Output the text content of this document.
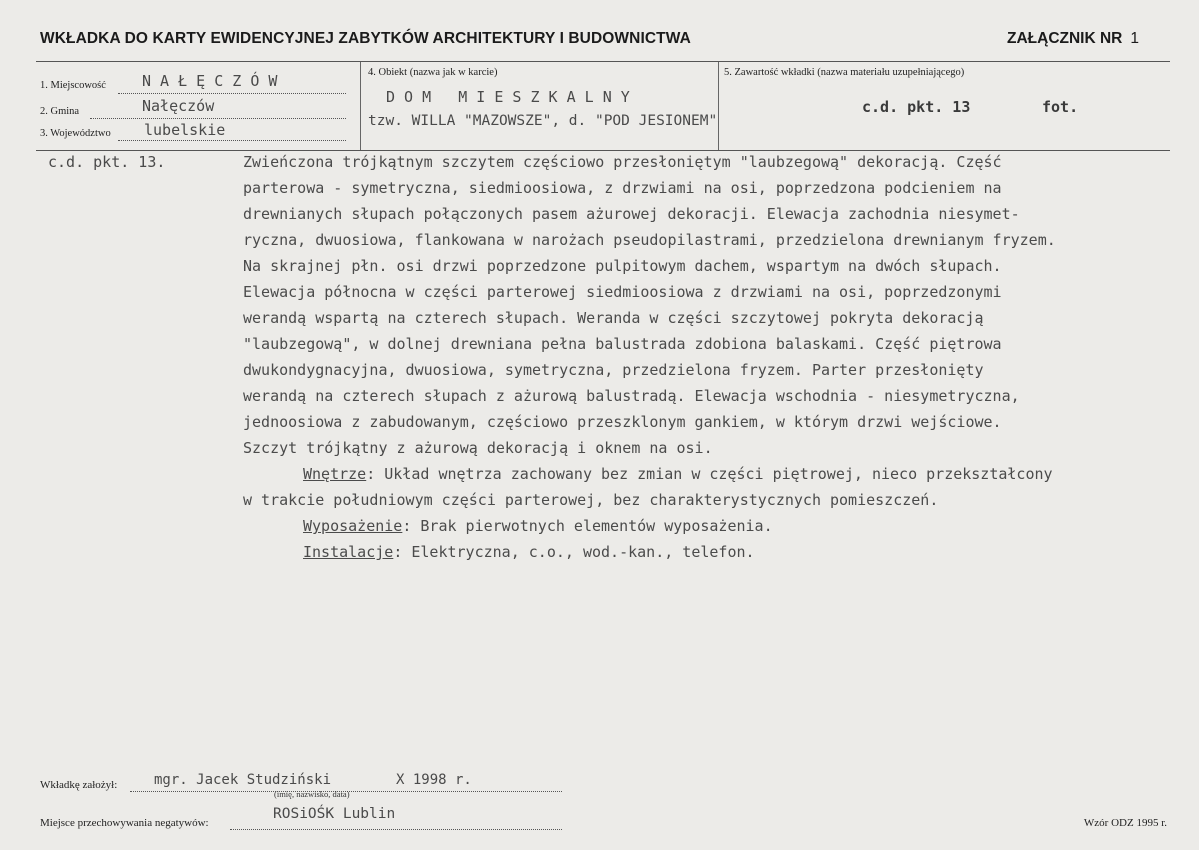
WKŁADKA DO KARTY EWIDENCYJNEJ ZABYTKÓW ARCHITEKTURY I BUDOWNICTWA	ZAŁĄCZNIK NR 1
1. Miejscowość N A Ł Ę C Z Ó W
2. Gmina	Nałęczów
3. Województwo lubelskie
4. Obiekt (nazwa jak w karcie)
D O M   M I E S Z K A L N Y
tzw. WILLA "MAZOWSZE", d. "POD JESIONEM"
5. Zawartość wkładki (nazwa materiału uzupełniającego)
c.d. pkt. 13	fot.
c.d. pkt. 13.	Zwieńczona trójkątnym szczytem częściowo przesłoniętym "laubzegową" dekoracją. Część
parterowa - symetryczna, siedmioosiowa, z drzwiami na osi, poprzedzona podcieniem na
drewnianych słupach połączonych pasem ażurowej dekoracji. Elewacja zachodnia niesymet-
ryczna, dwuosiowa, flankowana w narożach pseudopilastrami, przedzielona drewnianym fryzem.
Na skrajnej płn. osi drzwi poprzedzone pulpitowym dachem, wspartym na dwóch słupach.
Elewacja północna w części parterowej siedmioosiowa z drzwiami na osi, poprzedzonymi
werandą wspartą na czterech słupach. Weranda w części szczytowej pokryta dekoracją
"laubzegową", w dolnej drewniana pełna balustrada zdobiona balaskami. Część piętrowa
dwukondygnacyjna, dwuosiowa, symetryczna, przedzielona fryzem. Parter przesłonięty
werandą na czterech słupach z ażurową balustradą. Elewacja wschodnia - niesymetryczna,
jednoosiowa z zabudowanym, częściowo przeszklonym gankiem, w którym drzwi wejściowe.
Szczyt trójkątny z ażurową dekoracją i oknem na osi.
Wnętrze: Układ wnętrza zachowany bez zmian w części piętrowej, nieco przekształcony
w trakcie południowym części parterowej, bez charakterystycznych pomieszczeń.
Wyposażenie: Brak pierwotnych elementów wyposażenia.
Instalacje: Elektryczna, c.o., wod.-kan., telefon.
Wkładkę założył:	mgr. Jacek Studziński	X 1998 r.
(imię, nazwisko, data)
Miejsce przechowywania negatywów:
ROSiOŚK Lublin
Wzór ODZ 1995 r.
